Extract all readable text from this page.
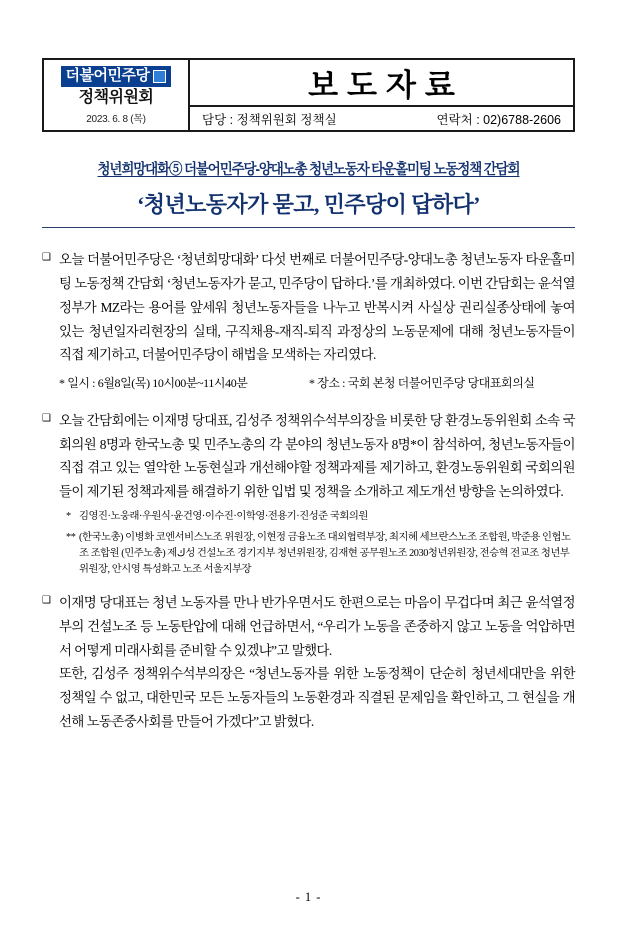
더불어민주당
정책위원회
2023. 6. 8 (목)
보도자료
담당 : 정책위원회 정책실	연락처 : 02)6788-2606
청년희망대화⑤ 더불어민주당-양대노총 청년노동자 타운홀미팅 노동정책 간담회
‘청년노동자가 묻고, 민주당이 답하다’
❑ 오늘 더불어민주당은 ‘청년희망대화’ 다섯 번째로 더불어민주당-양대노총 청년노동자 타운홀미팅 노동정책 간담회 ‘청년노동자가 묻고, 민주당이 답하다.’를 개최하였다. 이번 간담회는 윤석열정부가 MZ라는 용어를 앞세워 청년노동자들을 나누고 반복시켜 사실상 권리실종상태에 놓여 있는 청년일자리현장의 실태, 구직채용-재직-퇴직 과정상의 노동문제에 대해 청년노동자들이 직접 제기하고, 더불어민주당이 해법을 모색하는 자리였다.
* 일시 : 6월8일(목) 10시00분~11시40분	* 장소 : 국회 본청 더불어민주당 당대표회의실
❑ 오늘 간담회에는 이재명 당대표, 김성주 정책위수석부의장을 비롯한 당 환경노동위원회 소속 국회의원 8명과 한국노총 및 민주노총의 각 분야의 청년노동자 8명*이 참석하여, 청년노동자들이 직접 겪고 있는 열악한 노동현실과 개선해야할 정책과제를 제기하고, 환경노동위원회 국회의원들이 제기된 정책과제를 해결하기 위한 입법 및 정책을 소개하고 제도개선 방향을 논의하였다.
* 김영진·노웅래·우원식·윤건영·이수진·이학영·전용기·진성준 국회의원
** (한국노총) 이병화 코엔서비스노조 위원장, 이현정 금융노조 대외협력부장, 최지혜 세브란스노조 조합원, 박준용 인협노조 조합원 (민주노총) 제ك성 건설노조 경기지부 청년위원장, 김재현 공무원노조 2030청년위원장, 전승혁 전교조 청년부위원장, 안시영 특성화고 노조 서울지부장
❑ 이재명 당대표는 청년 노동자를 만나 반가우면서도 한편으로는 마음이 무겁다며 최근 윤석열정부의 건설노조 등 노동탄압에 대해 언급하면서, “우리가 노동을 존중하지 않고 노동을 억압하면서 어떻게 미래사회를 준비할 수 있겠냐”고 말했다.
또한, 김성주 정책위수석부의장은 “청년노동자를 위한 노동정책이 단순히 청년세대만을 위한 정책일 수 없고, 대한민국 모든 노동자들의 노동환경과 직결된 문제임을 확인하고, 그 현실을 개선해 노동존중사회를 만들어 가겠다”고 밝혔다.
- 1 -
